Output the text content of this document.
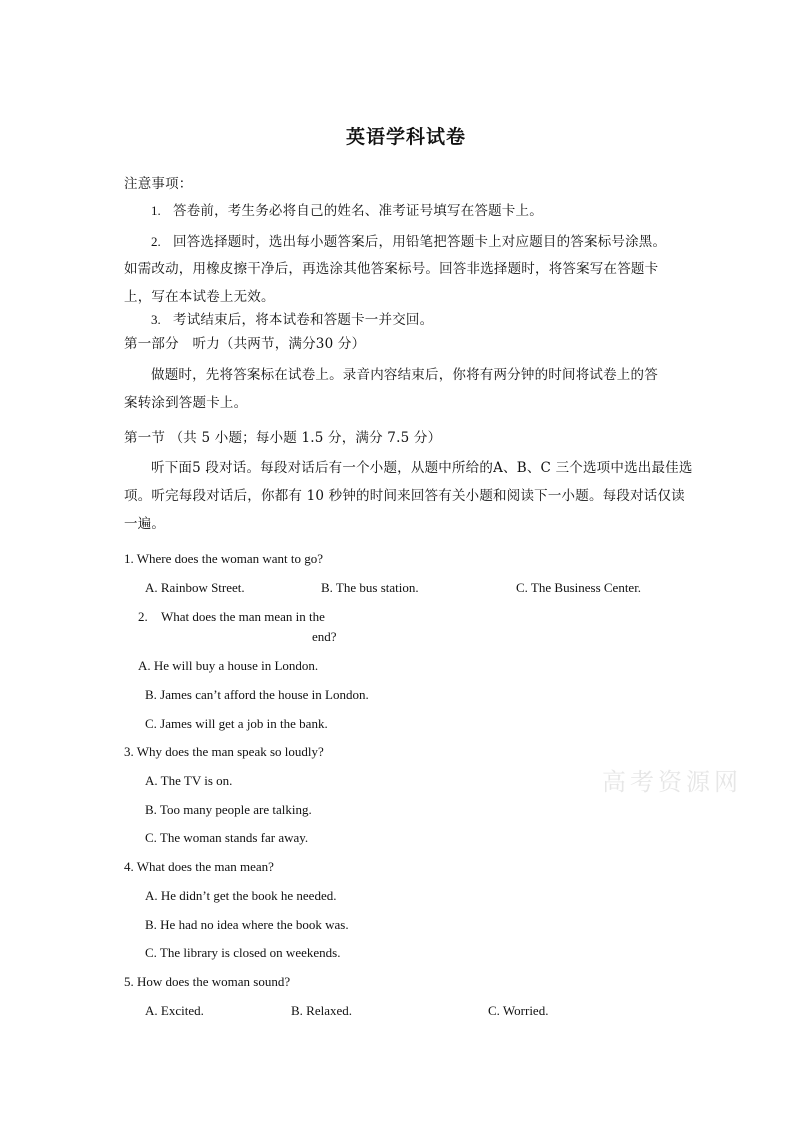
英语学科试卷
注意事项：
1. 答卷前，考生务必将自己的姓名、准考证号填写在答题卡上。
2. 回答选择题时，选出每小题答案后，用铅笔把答题卡上对应题目的答案标号涂黑。
如需改动，用橡皮擦干净后，再选涂其他答案标号。回答非选择题时，将答案写在答题卡
上，写在本试卷上无效。
3. 考试结束后，将本试卷和答题卡一并交回。
第一部分　听力（共两节，满分30 分）
做题时，先将答案标在试卷上。录音内容结束后，你将有两分钟的时间将试卷上的答
案转涂到答题卡上。
第一节 （共 5 小题；每小题 1.5 分，满分 7.5 分）
听下面5 段对话。每段对话后有一个小题，从题中所给的A、B、C 三个选项中选出最佳选
项。听完每段对话后，你都有 10 秒钟的时间来回答有关小题和阅读下一小题。每段对话仅读
一遍。
1. Where does the woman want to go?
A. Rainbow Street.	B. The bus station.	C. The Business Center.
2. What does the man mean in the
end?
A. He will buy a house in London.
B. James can’t afford the house in London.
C. James will get a job in the bank.
3. Why does the man speak so loudly?
A. The TV is on.
B. Too many people are talking.
C. The woman stands far away.
4. What does the man mean?
A. He didn’t get the book he needed.
B. He had no idea where the book was.
C. The library is closed on weekends.
5. How does the woman sound?
A. Excited.	B. Relaxed.	C. Worried.
高考资源网
